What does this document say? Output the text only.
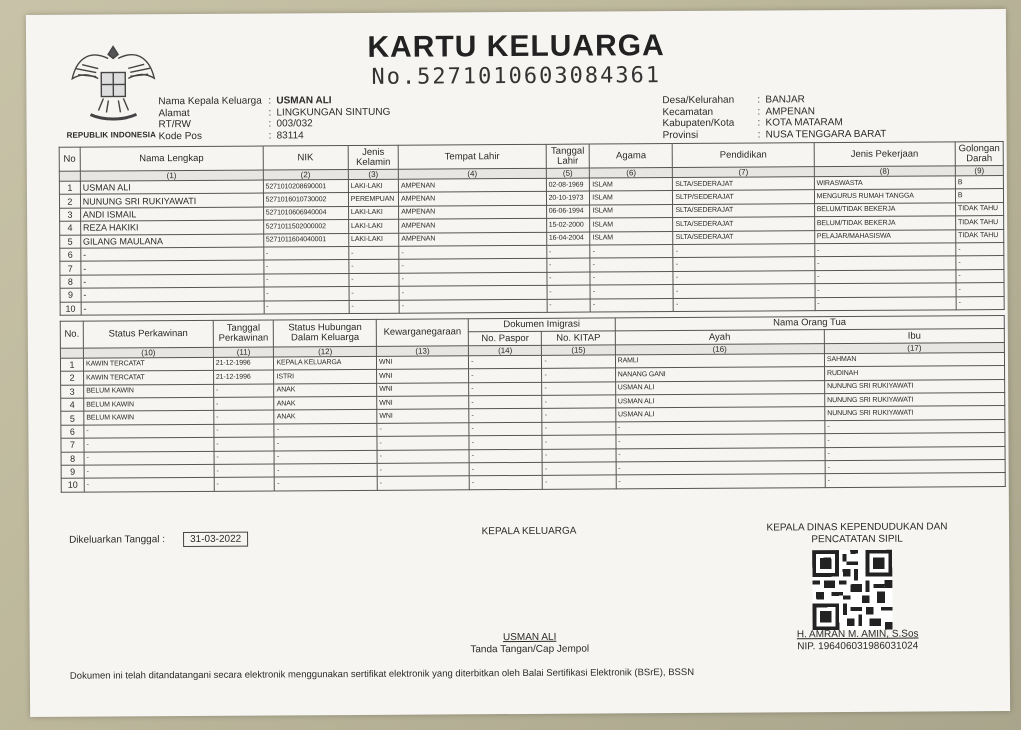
REPUBLIK INDONESIA
KARTU KELUARGA
No.5271010603084361
Nama Kepala Keluarga : USMAN ALI
Alamat	: LINGKUNGAN SINTUNG
RT/RW	: 003/032
Kode Pos	: 83114
Desa/Kelurahan	: BANJAR
Kecamatan	: AMPENAN
Kabupaten/Kota	: KOTA MATARAM
Provinsi	: NUSA TENGGARA BARAT
No	Nama Lengkap	NIK	Jenis Kelamin	Tempat Lahir	Tanggal Lahir	Agama	Pendidikan	Jenis Pekerjaan	Golongan Darah
	(1)	(2)	(3)	(4)	(5)	(6)	(7)	(8)	(9)
1	USMAN ALI	5271010208690001	LAKI-LAKI	AMPENAN	02-08-1969	ISLAM	SLTA/SEDERAJAT	WIRASWASTA	B
2	NUNUNG SRI RUKIYAWATI	5271016010730002	PEREMPUAN	AMPENAN	20-10-1973	ISLAM	SLTP/SEDERAJAT	MENGURUS RUMAH TANGGA	B
3	ANDI ISMAIL	5271010606940004	LAKI-LAKI	AMPENAN	06-06-1994	ISLAM	SLTA/SEDERAJAT	BELUM/TIDAK BEKERJA	TIDAK TAHU
4	REZA HAKIKI	5271011502000002	LAKI-LAKI	AMPENAN	15-02-2000	ISLAM	SLTA/SEDERAJAT	BELUM/TIDAK BEKERJA	TIDAK TAHU
5	GILANG MAULANA	5271011604040001	LAKI-LAKI	AMPENAN	16-04-2004	ISLAM	SLTA/SEDERAJAT	PELAJAR/MAHASISWA	TIDAK TAHU
6	-	-	-	-	-	-	-	-	-
7	-	-	-	-	-	-	-	-	-
8	-	-	-	-	-	-	-	-	-
9	-	-	-	-	-	-	-	-	-
10	-	-	-	-	-	-	-	-	-
No.	Status Perkawinan	Tanggal Perkawinan	Status Hubungan Dalam Keluarga	Kewarganegaraan	Dokumen Imigrasi		Nama Orang Tua	
					No. Paspor	No. KITAP	Ayah	Ibu
	(10)	(11)	(12)	(13)	(14)	(15)	(16)	(17)
1	KAWIN TERCATAT	21-12-1996	KEPALA KELUARGA	WNI	-	-	RAMLI	SAHMAN
2	KAWIN TERCATAT	21-12-1996	ISTRI	WNI	-	-	NANANG GANI	RUDINAH
3	BELUM KAWIN	-	ANAK	WNI	-	-	USMAN ALI	NUNUNG SRI RUKIYAWATI
4	BELUM KAWIN	-	ANAK	WNI	-	-	USMAN ALI	NUNUNG SRI RUKIYAWATI
5	BELUM KAWIN	-	ANAK	WNI	-	-	USMAN ALI	NUNUNG SRI RUKIYAWATI
6	-	-	-	-	-	-	-	-
7	-	-	-	-	-	-	-	-
8	-	-	-	-	-	-	-	-
9	-	-	-	-	-	-	-	-
10	-	-	-	-	-	-	-	-
Dikeluarkan Tanggal : 31-03-2022
KEPALA KELUARGA
USMAN ALI
Tanda Tangan/Cap Jempol
KEPALA DINAS KEPENDUDUKAN DAN
PENCATATAN SIPIL
H. AMRAN M. AMIN, S.Sos
NIP. 196406031986031024
Dokumen ini telah ditandatangani secara elektronik menggunakan sertifikat elektronik yang diterbitkan oleh Balai Sertifikasi Elektronik (BSrE), BSSN
